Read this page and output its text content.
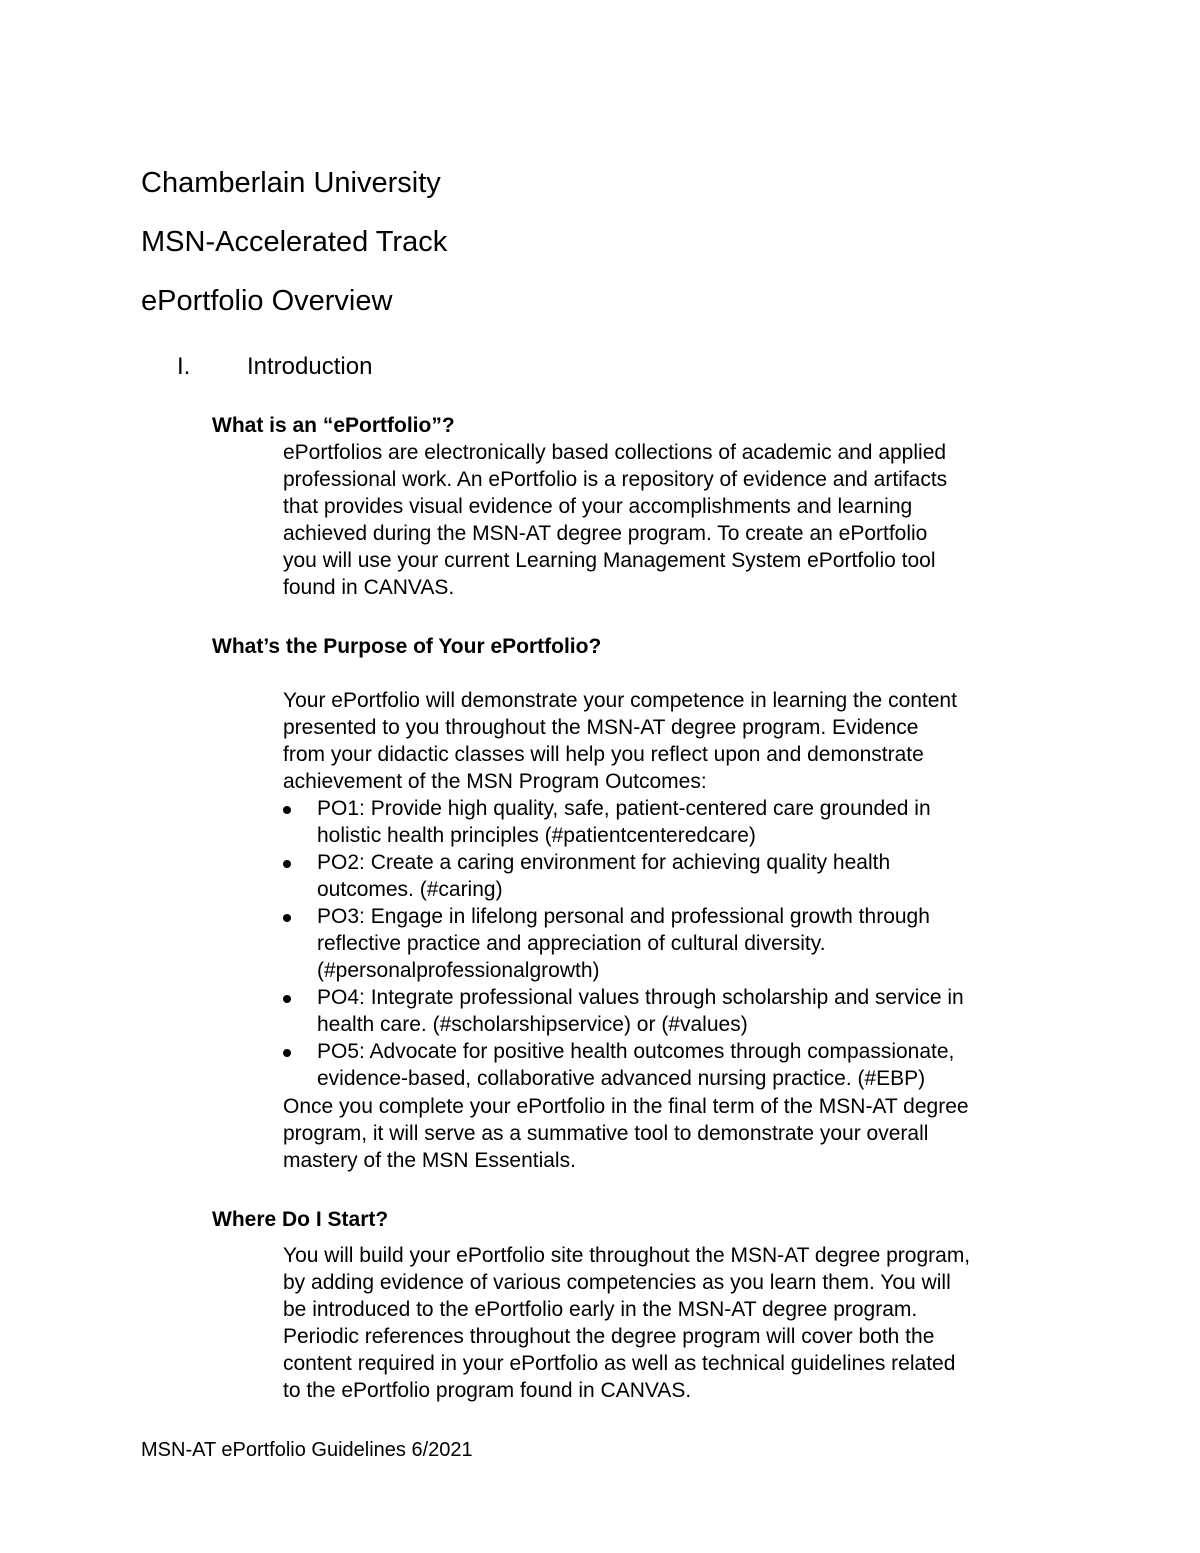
Chamberlain University
MSN-Accelerated Track
ePortfolio Overview
I. Introduction
What is an “ePortfolio”?
ePortfolios are electronically based collections of academic and applied
professional work. An ePortfolio is a repository of evidence and artifacts
that provides visual evidence of your accomplishments and learning
achieved during the MSN-AT degree program. To create an ePortfolio
you will use your current Learning Management System ePortfolio tool
found in CANVAS.
What’s the Purpose of Your ePortfolio?
Your ePortfolio will demonstrate your competence in learning the content
presented to you throughout the MSN-AT degree program. Evidence
from your didactic classes will help you reflect upon and demonstrate
achievement of the MSN Program Outcomes:
PO1: Provide high quality, safe, patient-centered care grounded in
holistic health principles (#patientcenteredcare)
PO2: Create a caring environment for achieving quality health
outcomes. (#caring)
PO3: Engage in lifelong personal and professional growth through
reflective practice and appreciation of cultural diversity.
(#personalprofessionalgrowth)
PO4: Integrate professional values through scholarship and service in
health care. (#scholarshipservice) or (#values)
PO5: Advocate for positive health outcomes through compassionate,
evidence-based, collaborative advanced nursing practice. (#EBP)
Once you complete your ePortfolio in the final term of the MSN-AT degree
program, it will serve as a summative tool to demonstrate your overall
mastery of the MSN Essentials.
Where Do I Start?
You will build your ePortfolio site throughout the MSN-AT degree program,
by adding evidence of various competencies as you learn them. You will
be introduced to the ePortfolio early in the MSN-AT degree program.
Periodic references throughout the degree program will cover both the
content required in your ePortfolio as well as technical guidelines related
to the ePortfolio program found in CANVAS.
MSN-AT ePortfolio Guidelines 6/2021
